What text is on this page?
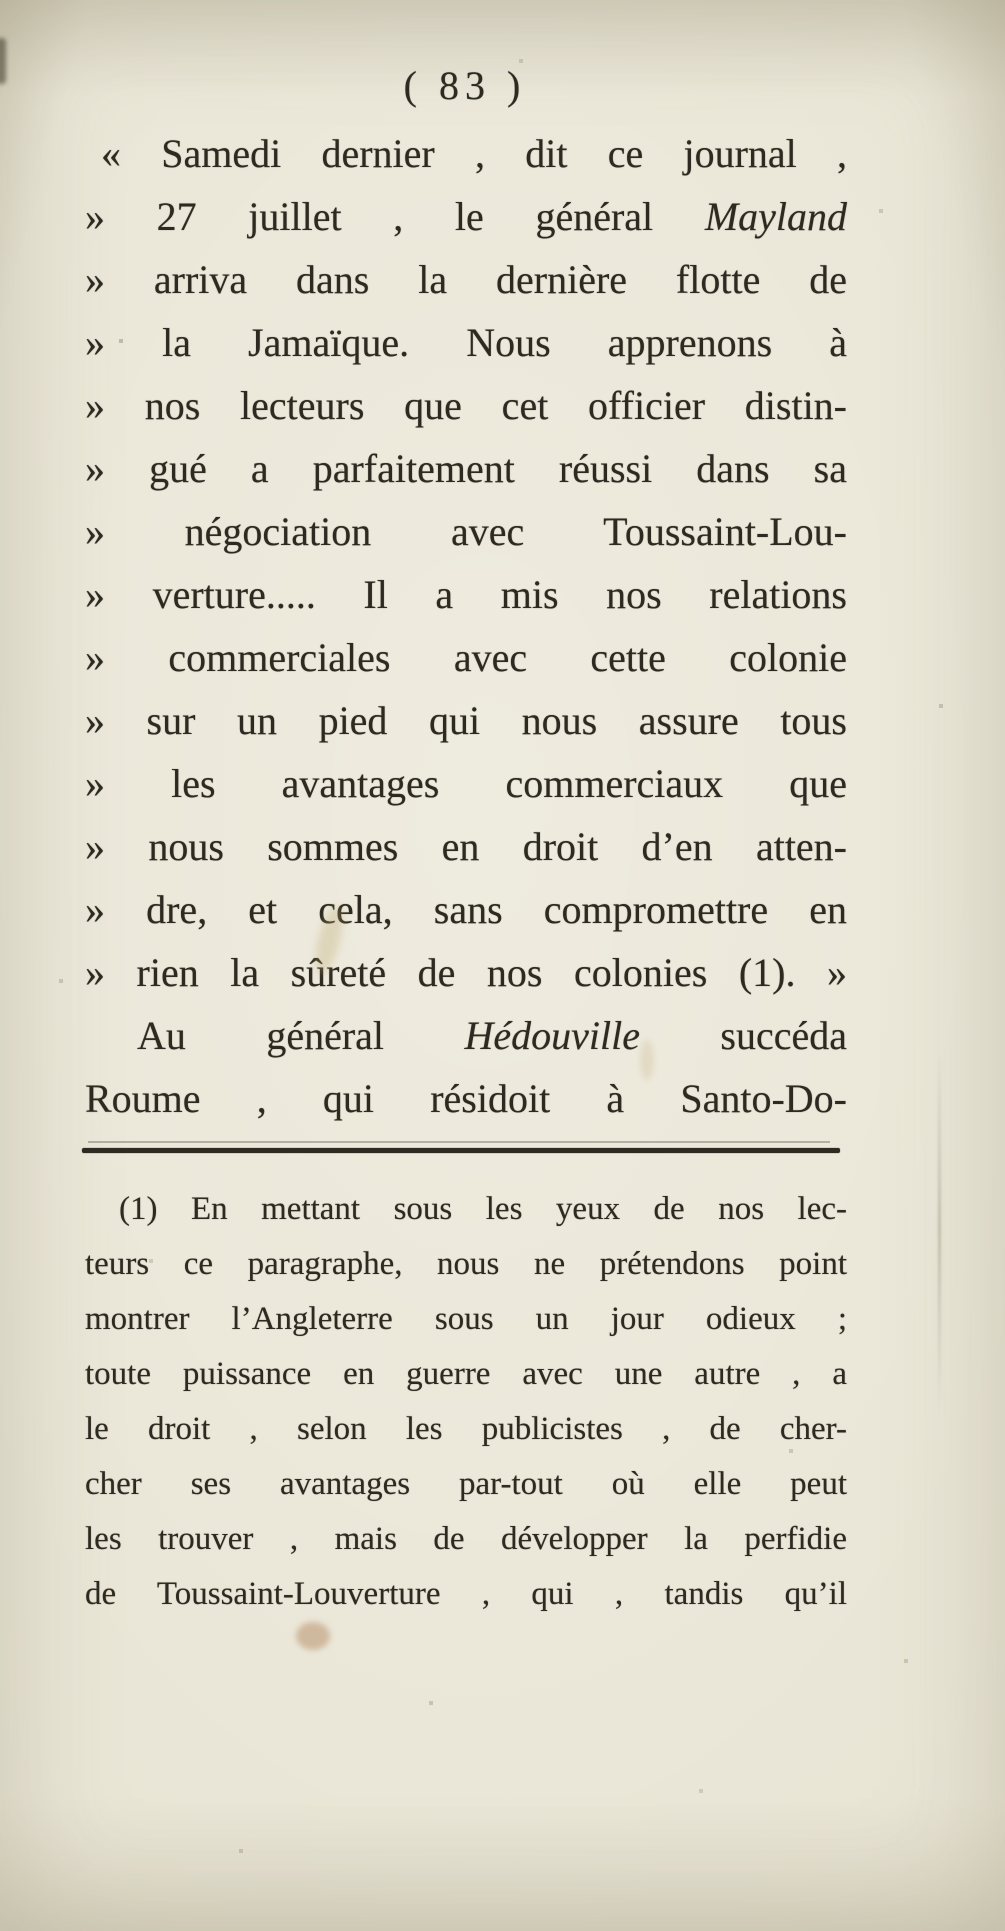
( 83 )
« Samedi dernier , dit ce journal ,
» 27 juillet , le général Mayland
» arriva dans la dernière flotte de
» la Jamaïque. Nous apprenons à
» nos lecteurs que cet officier distin-
» gué a parfaitement réussi dans sa
» négociation avec Toussaint-Lou-
» verture..... Il a mis nos relations
» commerciales avec cette colonie
» sur un pied qui nous assure tous
» les avantages commerciaux que
» nous sommes en droit d’en atten-
» dre, et cela, sans compromettre en
» rien la sûreté de nos colonies (1). »
Au général Hédouville succéda
Roume , qui résidoit à Santo-Do-
(1) En mettant sous les yeux de nos lec-
teurs ce paragraphe, nous ne prétendons point
montrer l’Angleterre sous un jour odieux ;
toute puissance en guerre avec une autre , a
le droit , selon les publicistes , de cher-
cher ses avantages par-tout où elle peut
les trouver , mais de développer la perfidie
de Toussaint-Louverture , qui , tandis qu’il
